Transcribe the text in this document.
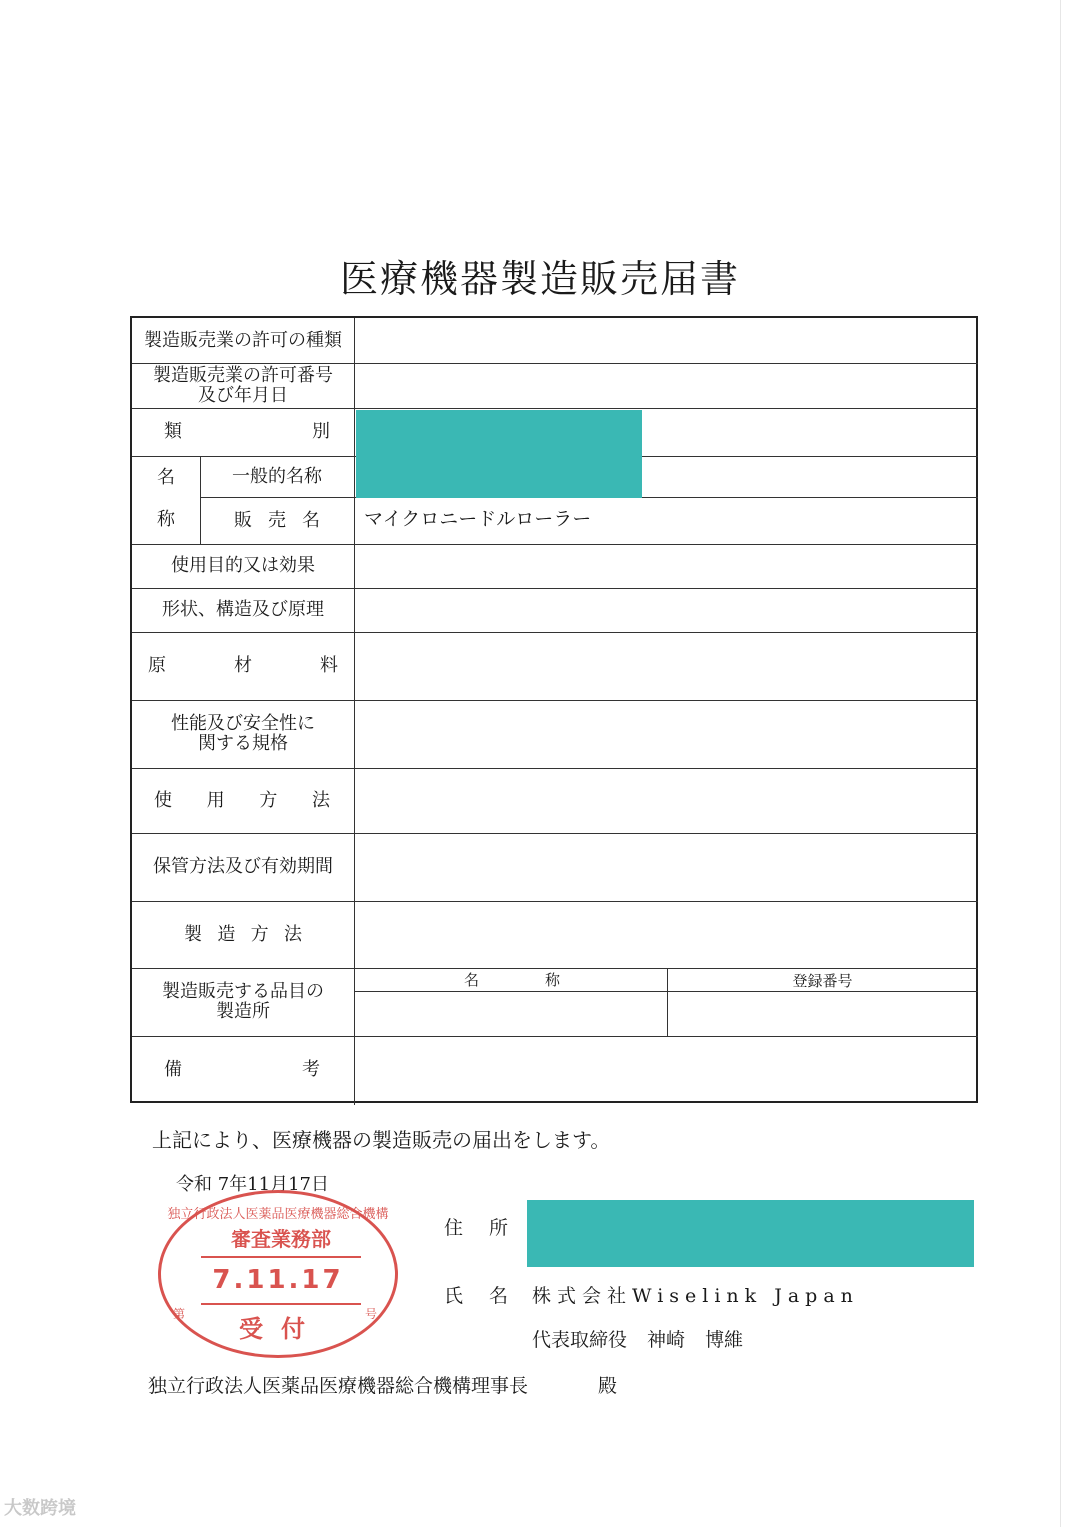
医療機器製造販売届書
製造販売業の許可の種類
製造販売業の許可番号
及び年月日
類	別
名
称
一般的名称
販 売 名 マイクロニードルローラー
使用目的又は効果
形状、構造及び原理
原	材	料
性能及び安全性に
関する規格
使 用 方 法
保管方法及び有効期間
製 造 方 法
製造販売する品目の
製造所
名	称	登録番号
備	考
上記により、医療機器の製造販売の届出をします。
令和 7年11月17日
独立行政法人医薬品医療機器総合機構
審査業務部
7.11.17
受付
第	号
住 所
氏 名 株式会社Wiselink Japan
代表取締役 神崎 博維
独立行政法人医薬品医療機器総合機構理事長	殿
大数跨境
